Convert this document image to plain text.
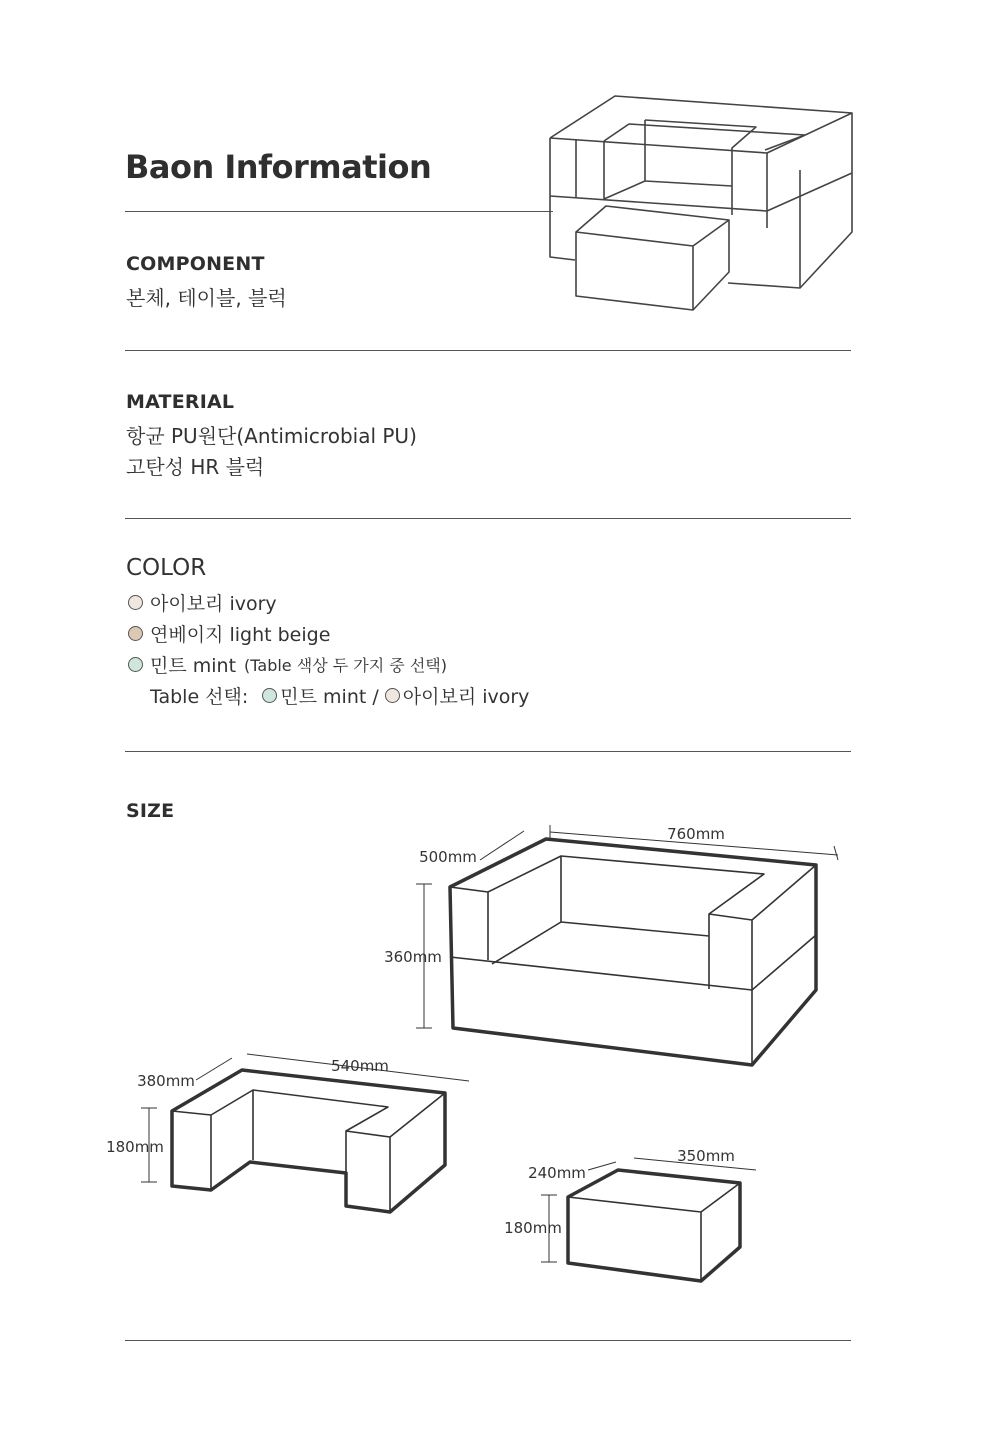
Baon Information
COMPONENT
본체, 테이블, 블럭
MATERIAL
항균 PU원단(Antimicrobial PU)
고탄성 HR 블럭
COLOR
아이보리 ivory
연베이지 light beige
민트 mint (Table 색상 두 가지 중 선택)
Table 선택: 민트 mint / 아이보리 ivory
SIZE
760mm
500mm
360mm
540mm
380mm
180mm	350mm
240mm
180mm
